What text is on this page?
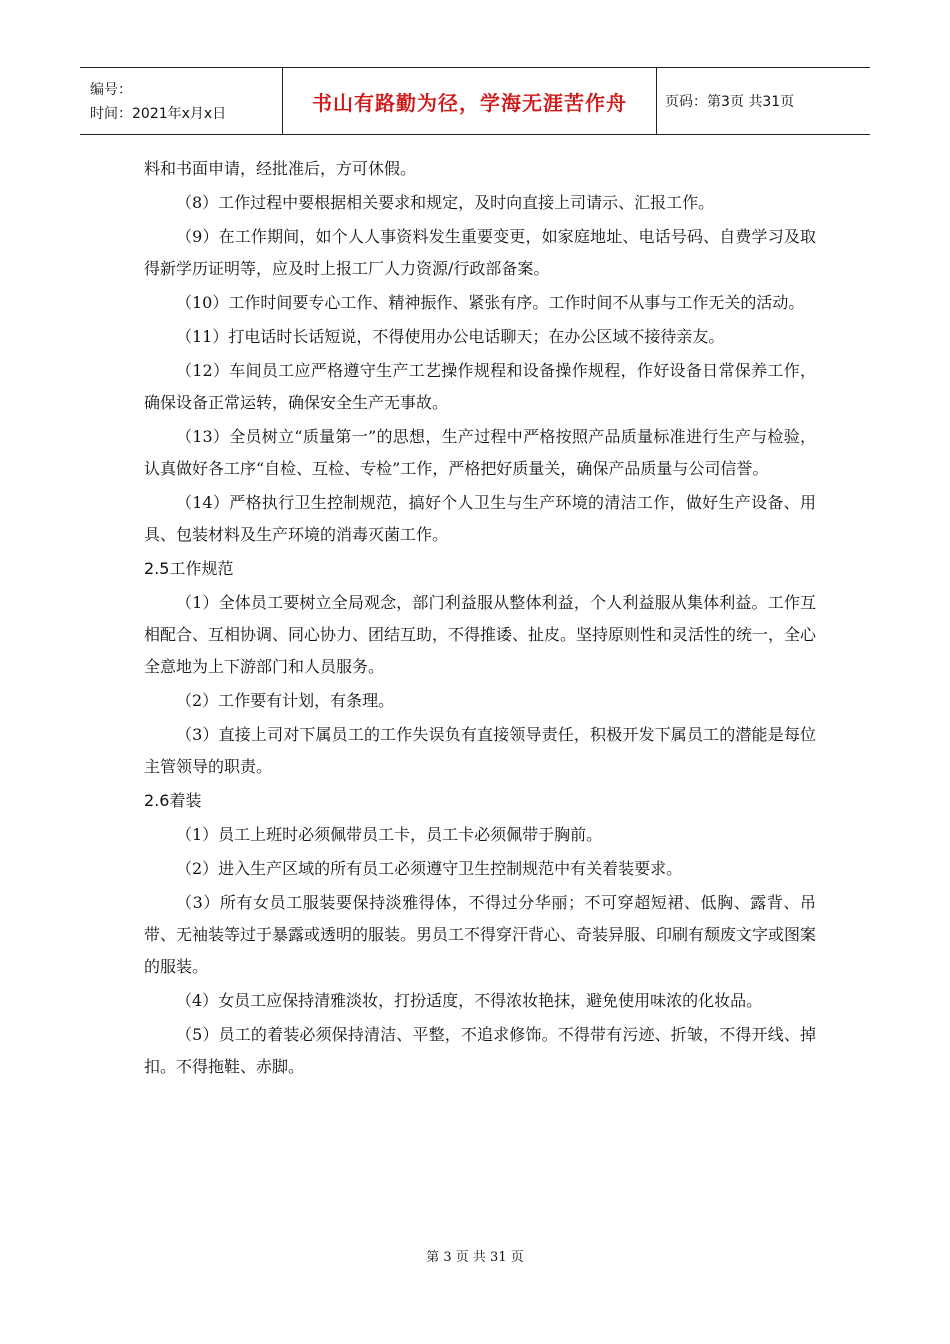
编号：
时间：2021年x月x日	书山有路勤为径，学海无涯苦作舟	页码：第3页 共31页

料和书面申请，经批准后，方可休假。

（8）工作过程中要根据相关要求和规定，及时向直接上司请示、汇报工作。

（9）在工作期间，如个人人事资料发生重要变更，如家庭地址、电话号码、自费学习及取得新学历证明等，应及时上报工厂人力资源/行政部备案。

（10）工作时间要专心工作、精神振作、紧张有序。工作时间不从事与工作无关的活动。

（11）打电话时长话短说，不得使用办公电话聊天；在办公区域不接待亲友。

（12）车间员工应严格遵守生产工艺操作规程和设备操作规程，作好设备日常保养工作，确保设备正常运转，确保安全生产无事故。

（13）全员树立“质量第一”的思想，生产过程中严格按照产品质量标准进行生产与检验，认真做好各工序“自检、互检、专检”工作，严格把好质量关，确保产品质量与公司信誉。

（14）严格执行卫生控制规范，搞好个人卫生与生产环境的清洁工作，做好生产设备、用具、包装材料及生产环境的消毒灭菌工作。

2.5工作规范

（1）全体员工要树立全局观念，部门利益服从整体利益，个人利益服从集体利益。工作互相配合、互相协调、同心协力、团结互助，不得推诿、扯皮。坚持原则性和灵活性的统一，全心全意地为上下游部门和人员服务。

（2）工作要有计划，有条理。

（3）直接上司对下属员工的工作失误负有直接领导责任，积极开发下属员工的潜能是每位主管领导的职责。

2.6着装

（1）员工上班时必须佩带员工卡，员工卡必须佩带于胸前。

（2）进入生产区域的所有员工必须遵守卫生控制规范中有关着装要求。

（3）所有女员工服装要保持淡雅得体，不得过分华丽；不可穿超短裙、低胸、露背、吊带、无袖装等过于暴露或透明的服装。男员工不得穿汗背心、奇装异服、印刷有颓废文字或图案的服装。

（4）女员工应保持清雅淡妆，打扮适度，不得浓妆艳抹，避免使用味浓的化妆品。

（5）员工的着装必须保持清洁、平整，不追求修饰。不得带有污迹、折皱，不得开线、掉扣。不得拖鞋、赤脚。

第 3 页 共 31 页
